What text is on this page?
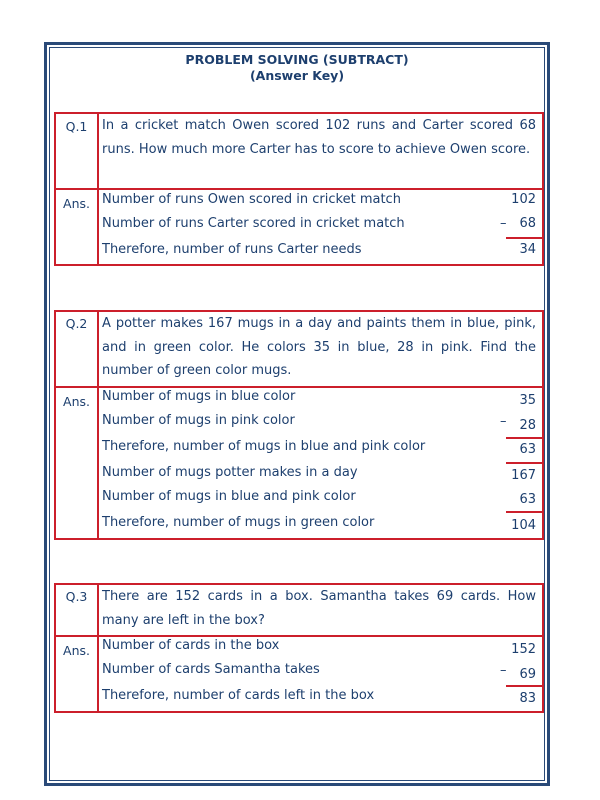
PROBLEM SOLVING (SUBTRACT)
(Answer Key)
Q.1	In a cricket match Owen scored 102 runs and Carter scored 68 runs. How much more Carter has to score to achieve Owen score.
Ans. Number of runs Owen scored in cricket match	102
Number of runs Carter scored in cricket match	68
–
Therefore, number of runs Carter needs	34
Q.2	A potter makes 167 mugs in a day and paints them in blue, pink, and in green color. He colors 35 in blue, 28 in pink. Find the number of green color mugs.
Ans. Number of mugs in blue color	35
Number of mugs in pink color	28
–
Therefore, number of mugs in blue and pink color	63
Number of mugs potter makes in a day	167
Number of mugs in blue and pink color	63
Therefore, number of mugs in green color	104
Q.3	There are 152 cards in a box. Samantha takes 69 cards. How many are left in the box?
Ans. Number of cards in the box	152
Number of cards Samantha takes	69
–
Therefore, number of cards left in the box	83
